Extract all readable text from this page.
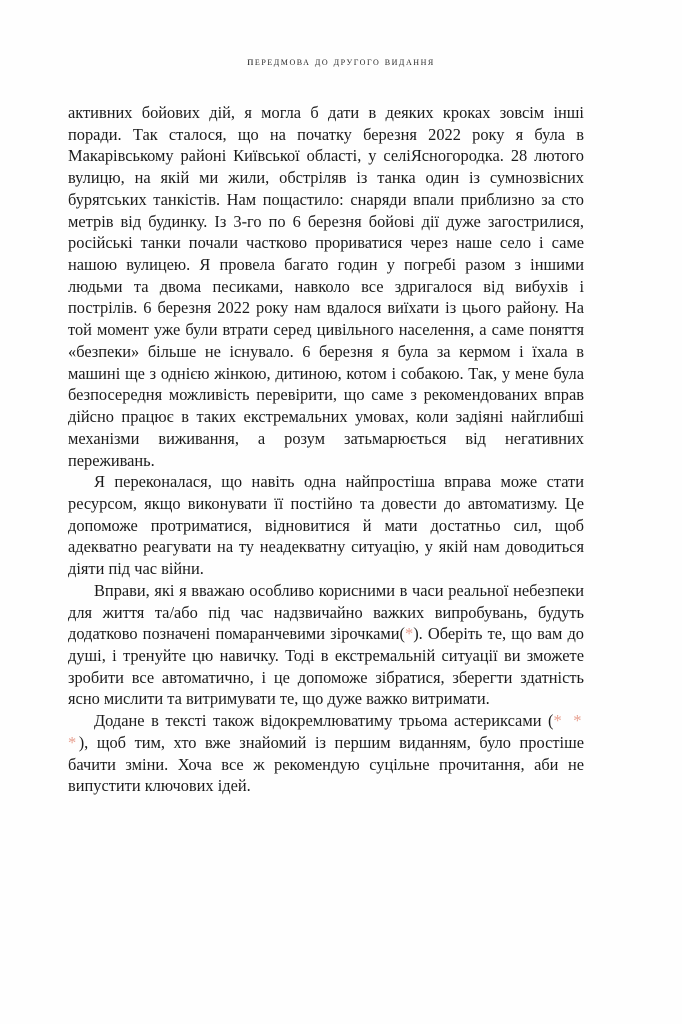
передмова до другого видання

активних бойових дій, я могла б дати в деяких кроках зовсім інші поради. Так сталося, що на початку березня 2022 року я була в Макарівському районі Київської області, у селіЯсногородка. 28 лютого вулицю, на якій ми жили, обстріляв із танка один із сумнозвісних бурятських танкістів. Нам пощастило: снаряди впали приблизно за сто метрів від будинку. Із 3-го по 6 березня бойові дії дуже загострилися, російські танки почали частково прориватися через наше село і саме нашою вулицею. Я провела багато годин у погребі разом з іншими людьми та двома песиками, навколо все здригалося від вибухів і пострілів. 6 березня 2022 року нам вдалося виїхати із цього району. На той момент уже були втрати серед цивільного населення, а саме поняття «безпеки» більше не існувало. 6 березня я була за кермом і їхала в машині ще з однією жінкою, дитиною, котом і собакою. Так, у мене була безпосередня можливість перевірити, що саме з рекомендованих вправ дійсно працює в таких екстремальних умовах, коли задіяні найглибші механізми виживання, а розум затьмарюється від негативних переживань.

Я переконалася, що навіть одна найпростіша вправа може стати ресурсом, якщо виконувати її постійно та довести до автоматизму. Це допоможе протриматися, відновитися й мати достатньо сил, щоб адекватно реагувати на ту неадекватну ситуацію, у якій нам доводиться діяти під час війни.

Вправи, які я вважаю особливо корисними в часи реальної небезпеки для життя та/або під час надзвичайно важких випробувань, будуть додатково позначені помаранчевими зірочками(*). Оберіть те, що вам до душі, і тренуйте цю навичку. Тоді в екстремальній ситуації ви зможете зробити все автоматично, і це допоможе зібратися, зберегти здатність ясно мислити та витримувати те, що дуже важко витримати.

Додане в тексті також відокремлюватиму трьома астериксами (* * *), щоб тим, хто вже знайомий із першим виданням, було простіше бачити зміни. Хоча все ж рекомендую суцільне прочитання, аби не випустити ключових ідей.
